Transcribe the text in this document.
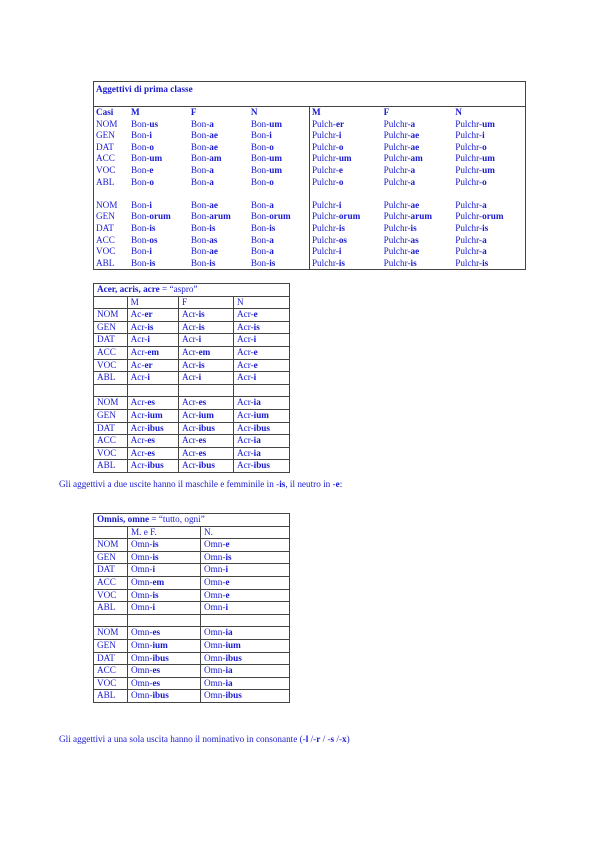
Aggettivi di prima classe						
Casi	M	F	N	M	F	N
NOM	Bon-us	Bon-a	Bon-um	Pulch-er	Pulchr-a	Pulchr-um
GEN	Bon-i	Bon-ae	Bon-i	Pulchr-i	Pulchr-ae	Pulchr-i
DAT	Bon-o	Bon-ae	Bon-o	Pulchr-o	Pulchr-ae	Pulchr-o
ACC	Bon-um	Bon-am	Bon-um	Pulchr-um	Pulchr-am	Pulchr-um
VOC	Bon-e	Bon-a	Bon-um	Pulchr-e	Pulchr-a	Pulchr-um
ABL	Bon-o	Bon-a	Bon-o	Pulchr-o	Pulchr-a	Pulchr-o

NOM	Bon-i	Bon-ae	Bon-a	Pulchr-i	Pulchr-ae	Pulchr-a
GEN	Bon-orum	Bon-arum	Bon-orum	Pulchr-orum	Pulchr-arum	Pulchr-orum
DAT	Bon-is	Bon-is	Bon-is	Pulchr-is	Pulchr-is	Pulchr-is
ACC	Bon-os	Bon-as	Bon-a	Pulchr-os	Pulchr-as	Pulchr-a
VOC	Bon-i	Bon-ae	Bon-a	Pulchr-i	Pulchr-ae	Pulchr-a
ABL	Bon-is	Bon-is	Bon-is	Pulchr-is	Pulchr-is	Pulchr-is
Acer, acris, acre = “aspro”			
	M	F	N
NOM	Ac-er	Acr-is	Acr-e
GEN	Acr-is	Acr-is	Acr-is
DAT	Acr-i	Acr-i	Acr-i
ACC	Acr-em	Acr-em	Acr-e
VOC	Ac-er	Acr-is	Acr-e
ABL	Acr-i	Acr-i	Acr-i

NOM	Acr-es	Acr-es	Acr-ia
GEN	Acr-ium	Acr-ium	Acr-ium
DAT	Acr-ibus	Acr-ibus	Acr-ibus
ACC	Acr-es	Acr-es	Acr-ia
VOC	Acr-es	Acr-es	Acr-ia
ABL	Acr-ibus	Acr-ibus	Acr-ibus

Gli aggettivi a due uscite hanno il maschile e femminile in -is, il neutro in -e:

Omnis, omne = “tutto, ogni”		
	M. e F.	N.
NOM	Omn-is	Omn-e
GEN	Omn-is	Omn-is
DAT	Omn-i	Omn-i
ACC	Omn-em	Omn-e
VOC	Omn-is	Omn-e
ABL	Omn-i	Omn-i

NOM	Omn-es	Omn-ia
GEN	Omn-ium	Omn-ium
DAT	Omn-ibus	Omn-ibus
ACC	Omn-es	Omn-ia
VOC	Omn-es	Omn-ia
ABL	Omn-ibus	Omn-ibus

Gli aggettivi a una sola uscita hanno il nominativo in consonante (-l /-r / -s /-x)
